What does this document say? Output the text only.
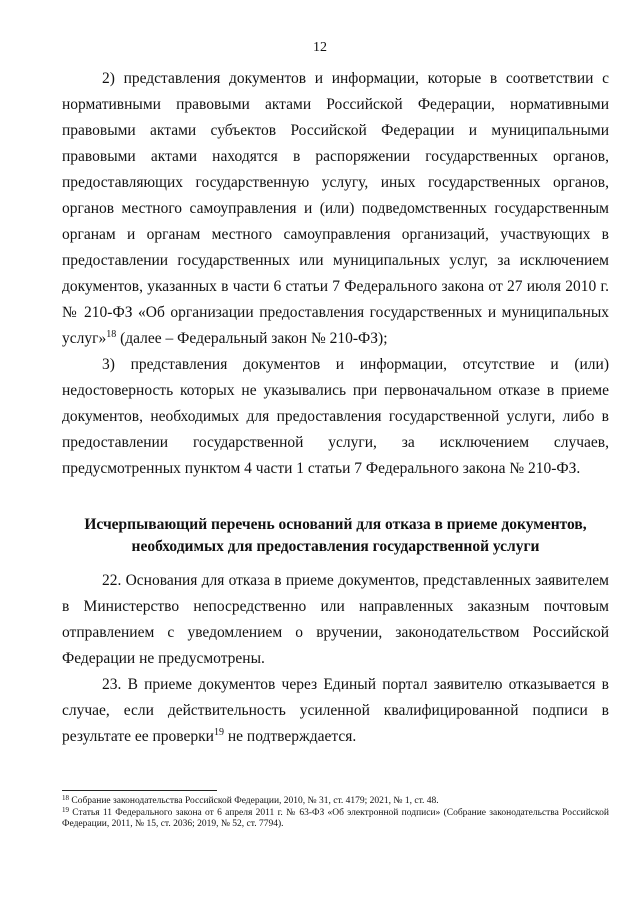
12

2) представления документов и информации, которые в соответствии с нормативными правовыми актами Российской Федерации, нормативными правовыми актами субъектов Российской Федерации и муниципальными правовыми актами находятся в распоряжении государственных органов, предоставляющих государственную услугу, иных государственных органов, органов местного самоуправления и (или) подведомственных государственным органам и органам местного самоуправления организаций, участвующих в предоставлении государственных или муниципальных услуг, за исключением документов, указанных в части 6 статьи 7 Федерального закона от 27 июля 2010 г. № 210-ФЗ «Об организации предоставления государственных и муниципальных услуг»$^{18}$ (далее – Федеральный закон № 210-ФЗ);

3) представления документов и информации, отсутствие и (или) недостоверность которых не указывались при первоначальном отказе в приеме документов, необходимых для предоставления государственной услуги, либо в предоставлении государственной услуги, за исключением случаев, предусмотренных пунктом 4 части 1 статьи 7 Федерального закона № 210-ФЗ.

Исчерпывающий перечень оснований для отказа в приеме документов,
необходимых для предоставления государственной услуги

22. Основания для отказа в приеме документов, представленных заявителем в Министерство непосредственно или направленных заказным почтовым отправлением с уведомлением о вручении, законодательством Российской Федерации не предусмотрены.

23. В приеме документов через Единый портал заявителю отказывается в случае, если действительность усиленной квалифицированной подписи в результате ее проверки$^{19}$ не подтверждается.

$^{18}$ Собрание законодательства Российской Федерации, 2010, № 31, ст. 4179; 2021, № 1, ст. 48.

$^{19}$ Статья 11 Федерального закона от 6 апреля 2011 г. № 63-ФЗ «Об электронной подписи» (Собрание законодательства Российской Федерации, 2011, № 15, ст. 2036; 2019, № 52, ст. 7794).
